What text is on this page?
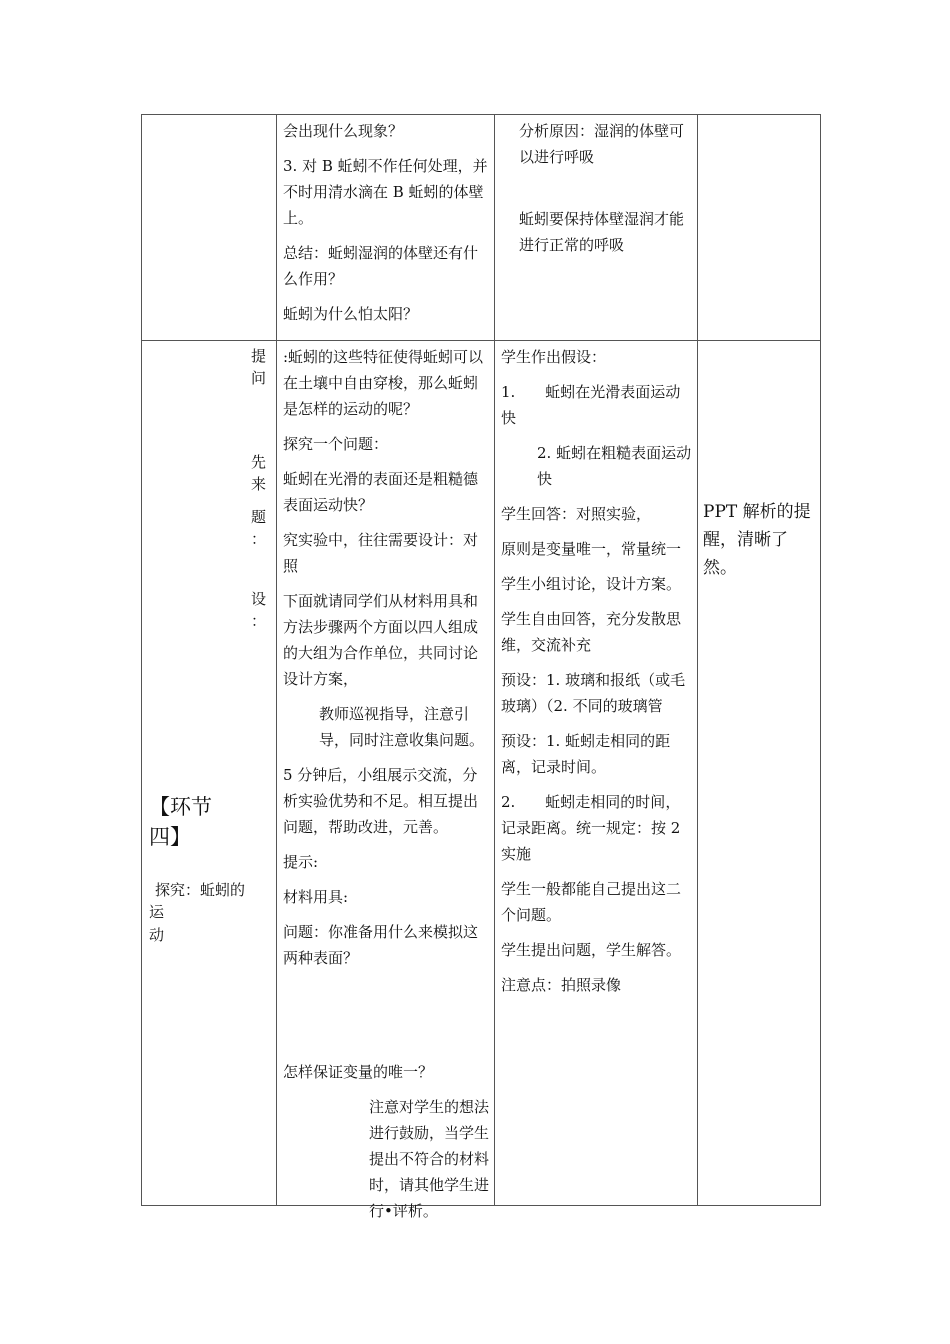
会出现什么现象？

3. 对 B 蚯蚓不作任何处理，并不时用清水滴在 B 蚯蚓的体壁上。

总结：蚯蚓湿润的体壁还有什么作用？

蚯蚓为什么怕太阳？

分析原因：湿润的体壁可以进行呼吸

蚯蚓要保持体壁湿润才能进行正常的呼吸

提
问
先
来
题
：
设
：
【环节
四】
探究：蚯蚓的
运
动

:蚯蚓的这些特征使得蚯蚓可以在土壤中自由穿梭，那么蚯蚓是怎样的运动的呢？

探究一个问题：

蚯蚓在光滑的表面还是粗糙德表面运动快？

究实验中，往往需要设计：对照

下面就请同学们从材料用具和方法步骤两个方面以四人组成的大组为合作单位，共同讨论设计方案，

教师巡视指导，注意引导，同时注意收集问题。

5 分钟后，小组展示交流，分析实验优势和不足。相互提出问题，帮助改进，元善。

提示:

材料用具:

问题：你准备用什么来模拟这两种表面？

怎样保证变量的唯一？

注意对学生的想法进行鼓励，当学生提出不符合的材料时，请其他学生进行•评析。

学生作出假设：

1.　　蚯蚓在光滑表面运动快

2. 蚯蚓在粗糙表面运动快

学生回答：对照实验，

原则是变量唯一，常量统一

学生小组讨论，设计方案。

学生自由回答，充分发散思维，交流补充

预设：1. 玻璃和报纸（或毛玻璃）（2. 不同的玻璃管

预设：1. 蚯蚓走相同的距离，记录时间。

2.　　蚯蚓走相同的时间，记录距离。统一规定：按 2 实施

学生一般都能自己提出这二个问题。

学生提出问题，学生解答。

注意点：拍照录像

PPT 解析的提醒，清晰了然。
